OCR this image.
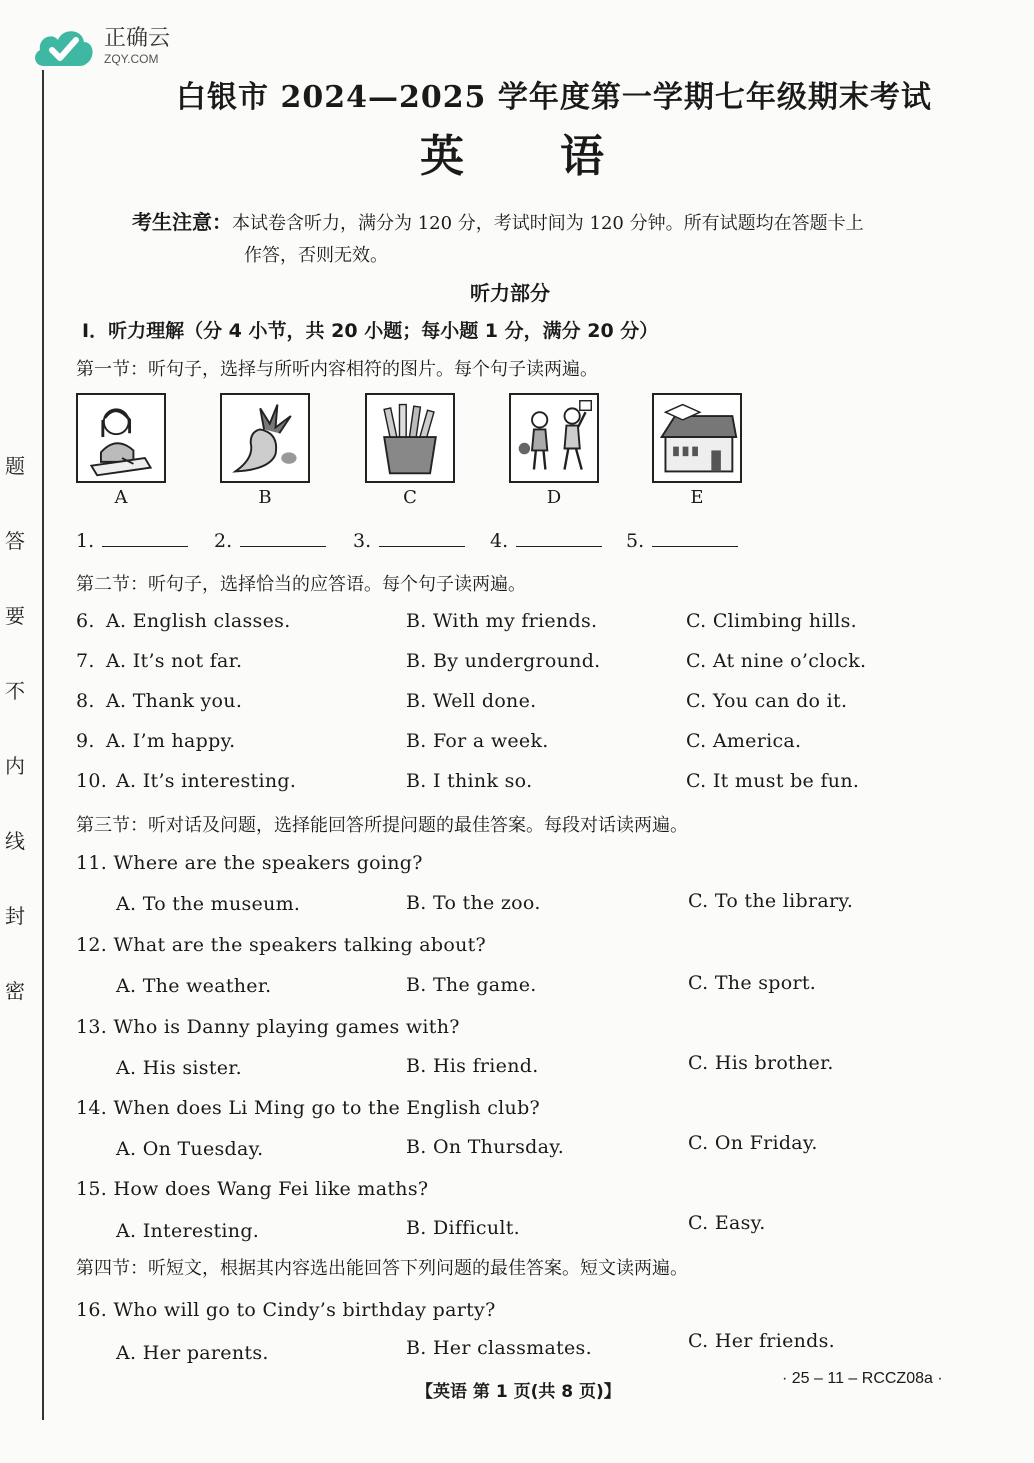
题
答
要
不
内
线
封
密
正确云
ZQY.COM
白银市 2024—2025 学年度第一学期七年级期末考试
英语
考生注意：本试卷含听力，满分为 120 分，考试时间为 120 分钟。所有试题均在答题卡上
作答，否则无效。
听力部分
Ⅰ．听力理解（分 4 小节，共 20 小题；每小题 1 分，满分 20 分）
第一节：听句子，选择与所听内容相符的图片。每个句子读两遍。
A	B	C	D	E
1.	2.	3.	4.	5.
第二节：听句子，选择恰当的应答语。每个句子读两遍。
6. A. English classes.	B. With my friends.	C. Climbing hills.
7. A. It’s not far.	B. By underground.	C. At nine o’clock.
8. A. Thank you.	B. Well done.	C. You can do it.
9. A. I’m happy.	B. For a week.	C. America.
10. A. It’s interesting.	B. I think so.	C. It must be fun.
第三节：听对话及问题，选择能回答所提问题的最佳答案。每段对话读两遍。
11. Where are the speakers going?
A. To the museum.	B. To the zoo.	C. To the library.
12. What are the speakers talking about?
A. The weather.	B. The game.	C. The sport.
13. Who is Danny playing games with?
A. His sister.	B. His friend.	C. His brother.
14. When does Li Ming go to the English club?
A. On Tuesday.	B. On Thursday.	C. On Friday.
15. How does Wang Fei like maths?
A. Interesting.	B. Difficult.	C. Easy.
第四节：听短文，根据其内容选出能回答下列问题的最佳答案。短文读两遍。
16. Who will go to Cindy’s birthday party?
A. Her parents.	B. Her classmates.	C. Her friends.
【英语 第 1 页(共 8 页)】
· 25 – 11 – RCCZ08a ·
